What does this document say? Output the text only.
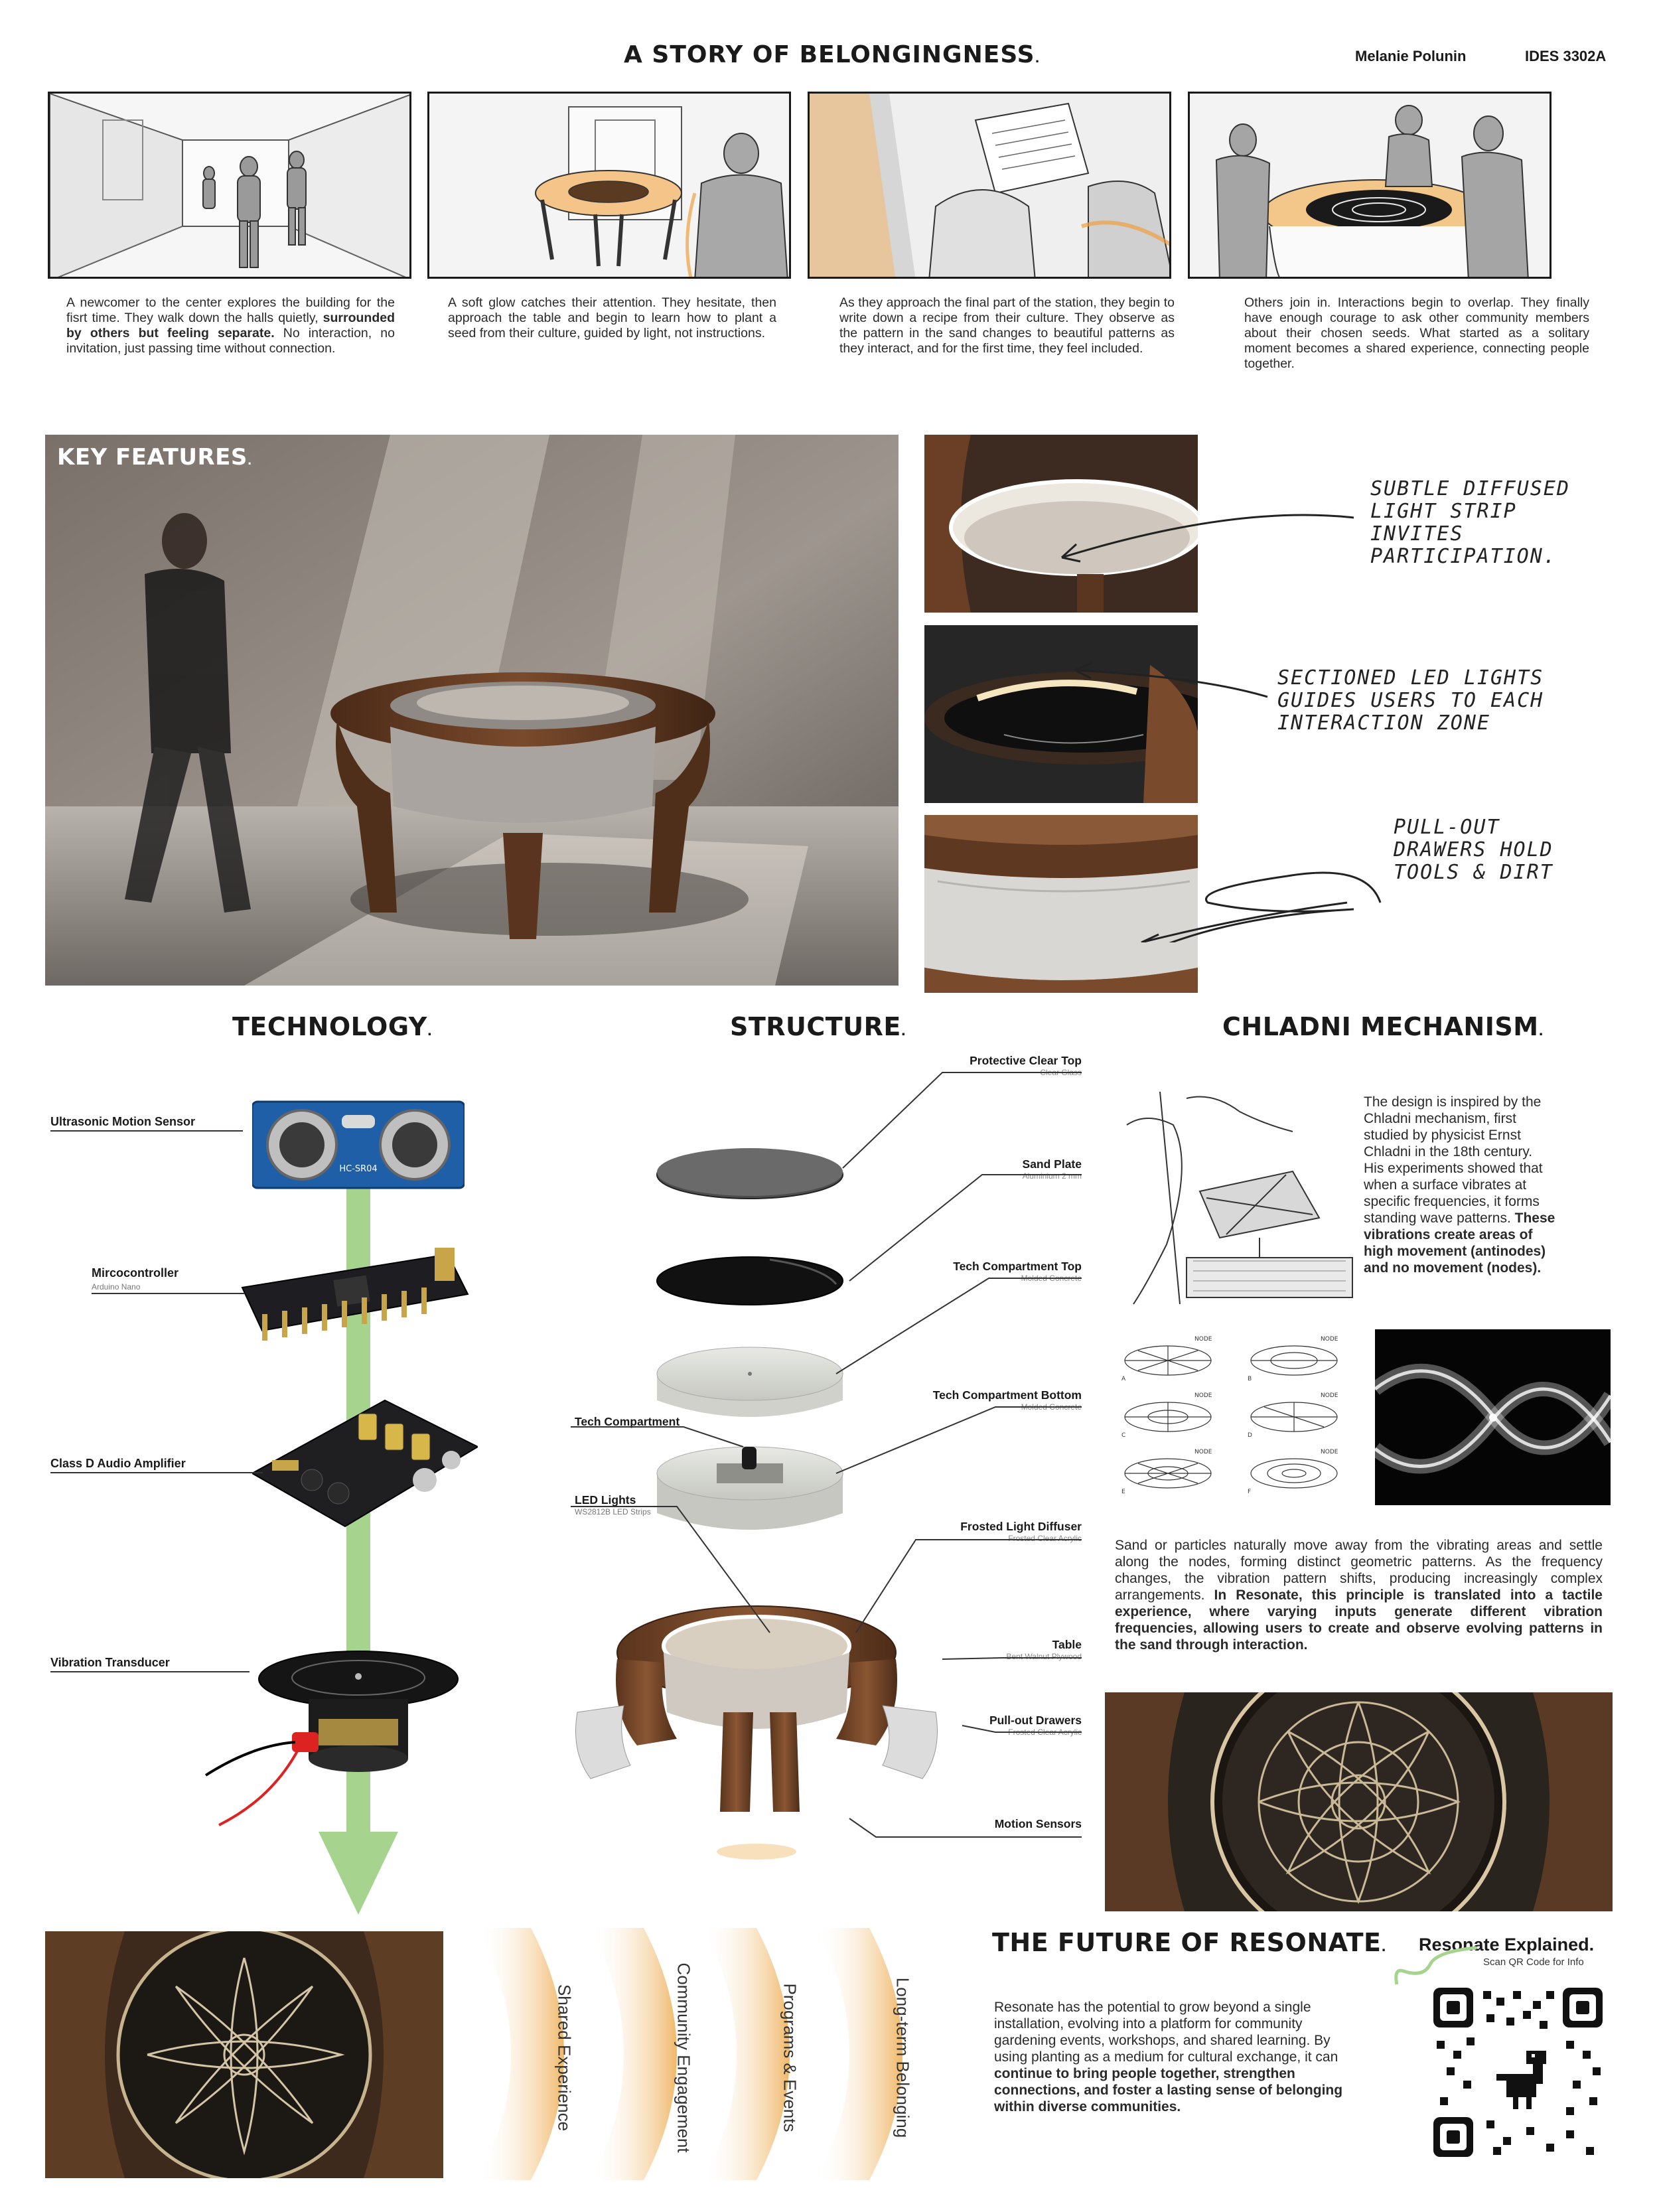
A STORY OF BELONGINGNESS.	Melanie Polunin	IDES 3302A
A newcomer to the center explores the building for the fisrt time. They walk down the halls quietly, surrounded by others but feeling separate. No interaction, no invitation, just passing time without connection.
A soft glow catches their attention. They hesitate, then approach the table and begin to learn how to plant a seed from their culture, guided by light, not instructions.
As they approach the final part of the station, they begin to write down a recipe from their culture. They observe as the pattern in the sand changes to beautiful patterns as they interact, and for the first time, they feel included.
Others join in. Interactions begin to overlap. They finally have enough courage to ask other community members about their chosen seeds. What started as a solitary moment becomes a shared experience, connecting people together.
KEY FEATURES.
SUBTLE DIFFUSED LIGHT STRIP INVITES PARTICIPATION.
SECTIONED LED LIGHTS GUIDES USERS TO EACH INTERACTION ZONE
PULL-OUT DRAWERS HOLD TOOLS & DIRT
TECHNOLOGY.	STRUCTURE.	CHLADNI MECHANISM.
HC-SR04
Ultrasonic Motion Sensor
Mircocontroller
Arduino Nano
Class D Audio Amplifier
Vibration Transducer
Protective Clear Top
Clear Glass
Sand Plate
Aluminium 2 mm
Tech Compartment Top
Molded Concrete
Tech Compartment Bottom
Molded Concrete
Frosted Light Diffuser
Frosted Clear Acrylic
Table
Bent Walnut Plywood
Pull-out Drawers
Frosted Clear Acrylic
Motion Sensors
Tech Compartment
LED Lights
WS2812B LED Strips
The design is inspired by the Chladni mechanism, first studied by physicist Ernst Chladni in the 18th century. His experiments showed that when a surface vibrates at specific frequencies, it forms standing wave patterns. These vibrations create areas of high movement (antinodes) and no movement (nodes).
NODE	NODE
NODE	NODE
NODE	NODE
A	B
C	D
E	F
Sand or particles naturally move away from the vibrating areas and settle along the nodes, forming distinct geometric patterns. As the frequency changes, the vibration pattern shifts, producing increasingly complex arrangements. In Resonate, this principle is translated into a tactile experience, where varying inputs generate different vibration frequencies, allowing users to create and observe evolving patterns in the sand through interaction.
Shared Experience	Community Engagement	Programs & Events	Long-term Belonging
THE FUTURE OF RESONATE.
Resonate has the potential to grow beyond a single installation, evolving into a platform for community gardening events, workshops, and shared learning. By using planting as a medium for cultural exchange, it can continue to bring people together, strengthen connections, and foster a lasting sense of belonging within diverse communities.
Resonate Explained.
Scan QR Code for Info
